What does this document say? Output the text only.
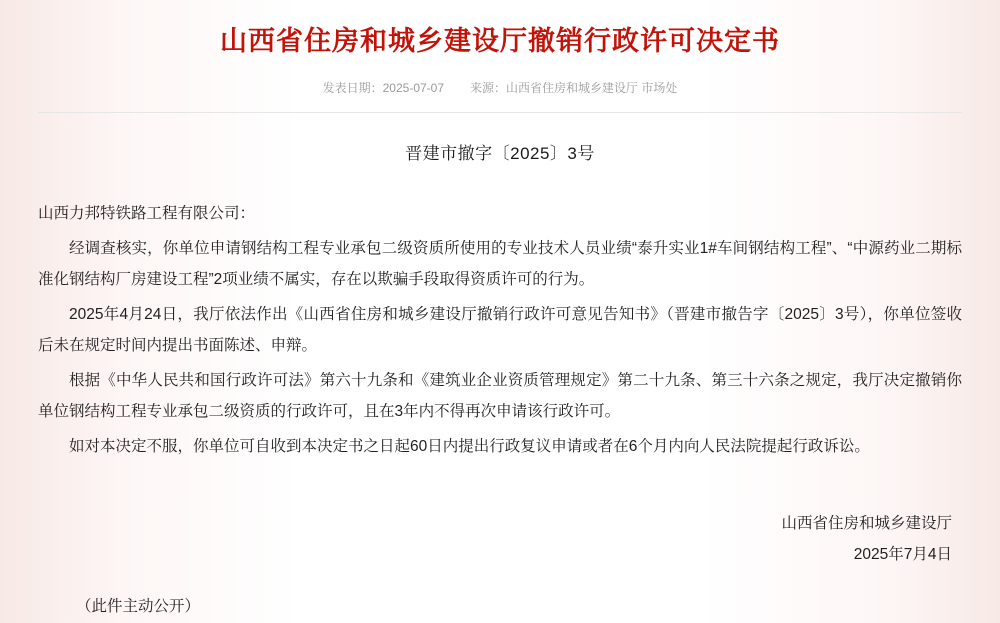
山西省住房和城乡建设厅撤销行政许可决定书
发表日期：2025-07-07 来源：山西省住房和城乡建设厅 市场处
晋建市撤字〔2025〕3号

山西力邦特铁路工程有限公司：

经调查核实，你单位申请钢结构工程专业承包二级资质所使用的专业技术人员业绩“泰升实业1#车间钢结构工程”、“中源药业二期标准化钢结构厂房建设工程”2项业绩不属实，存在以欺骗手段取得资质许可的行为。

2025年4月24日，我厅依法作出《山西省住房和城乡建设厅撤销行政许可意见告知书》（晋建市撤告字〔2025〕3号），你单位签收后未在规定时间内提出书面陈述、申辩。

根据《中华人民共和国行政许可法》第六十九条和《建筑业企业资质管理规定》第二十九条、第三十六条之规定，我厅决定撤销你单位钢结构工程专业承包二级资质的行政许可，且在3年内不得再次申请该行政许可。

如对本决定不服，你单位可自收到本决定书之日起60日内提出行政复议申请或者在6个月内向人民法院提起行政诉讼。

山西省住房和城乡建设厅
2025年7月4日
（此件主动公开）
